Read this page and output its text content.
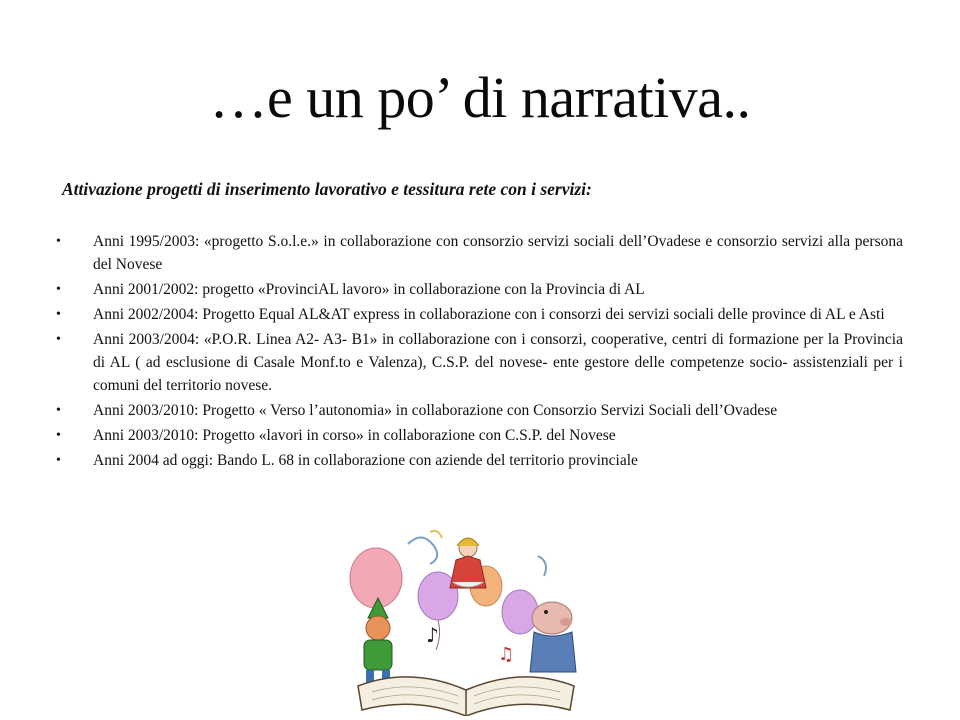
…e un po’ di narrativa..
Attivazione progetti di inserimento lavorativo e tessitura rete con i servizi:
• Anni 1995/2003: «progetto S.o.l.e.» in collaborazione con consorzio servizi sociali dell’Ovadese e consorzio servizi alla persona del Novese
• Anni 2001/2002: progetto «ProvinciAL lavoro» in collaborazione con la Provincia di AL
• Anni 2002/2004: Progetto Equal AL&AT express in collaborazione con i consorzi dei servizi sociali delle province di AL e Asti
• Anni 2003/2004: «P.O.R. Linea A2- A3- B1» in collaborazione con i consorzi, cooperative, centri di formazione per la Provincia di AL ( ad esclusione di Casale Monf.to e Valenza), C.S.P. del novese- ente gestore delle competenze socio- assistenziali per i comuni del territorio novese.
• Anni 2003/2010: Progetto « Verso l’autonomia» in collaborazione con Consorzio Servizi Sociali dell’Ovadese
• Anni 2003/2010: Progetto «lavori in corso» in collaborazione con C.S.P. del Novese
• Anni 2004 ad oggi: Bando L. 68 in collaborazione con aziende del territorio provinciale
♪
♫
